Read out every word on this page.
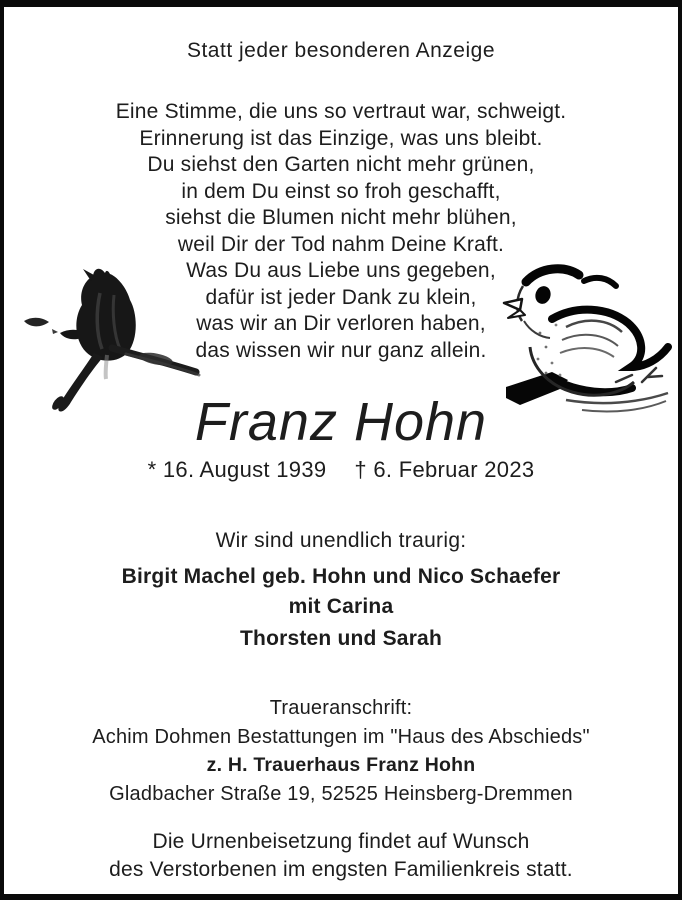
Statt jeder besonderen Anzeige
Eine Stimme, die uns so vertraut war, schweigt.
Erinnerung ist das Einzige, was uns bleibt.
Du siehst den Garten nicht mehr grünen,
in dem Du einst so froh geschafft,
siehst die Blumen nicht mehr blühen,
weil Dir der Tod nahm Deine Kraft.
Was Du aus Liebe uns gegeben,
dafür ist jeder Dank zu klein,
was wir an Dir verloren haben,
das wissen wir nur ganz allein.
Franz Hohn
* 16. August 1939 † 6. Februar 2023
Wir sind unendlich traurig:
Birgit Machel geb. Hohn und Nico Schaefer
mit Carina
Thorsten und Sarah
Traueranschrift:
Achim Dohmen Bestattungen im "Haus des Abschieds"
z. H. Trauerhaus Franz Hohn
Gladbacher Straße 19, 52525 Heinsberg-Dremmen
Die Urnenbeisetzung findet auf Wunsch
des Verstorbenen im engsten Familienkreis statt.
